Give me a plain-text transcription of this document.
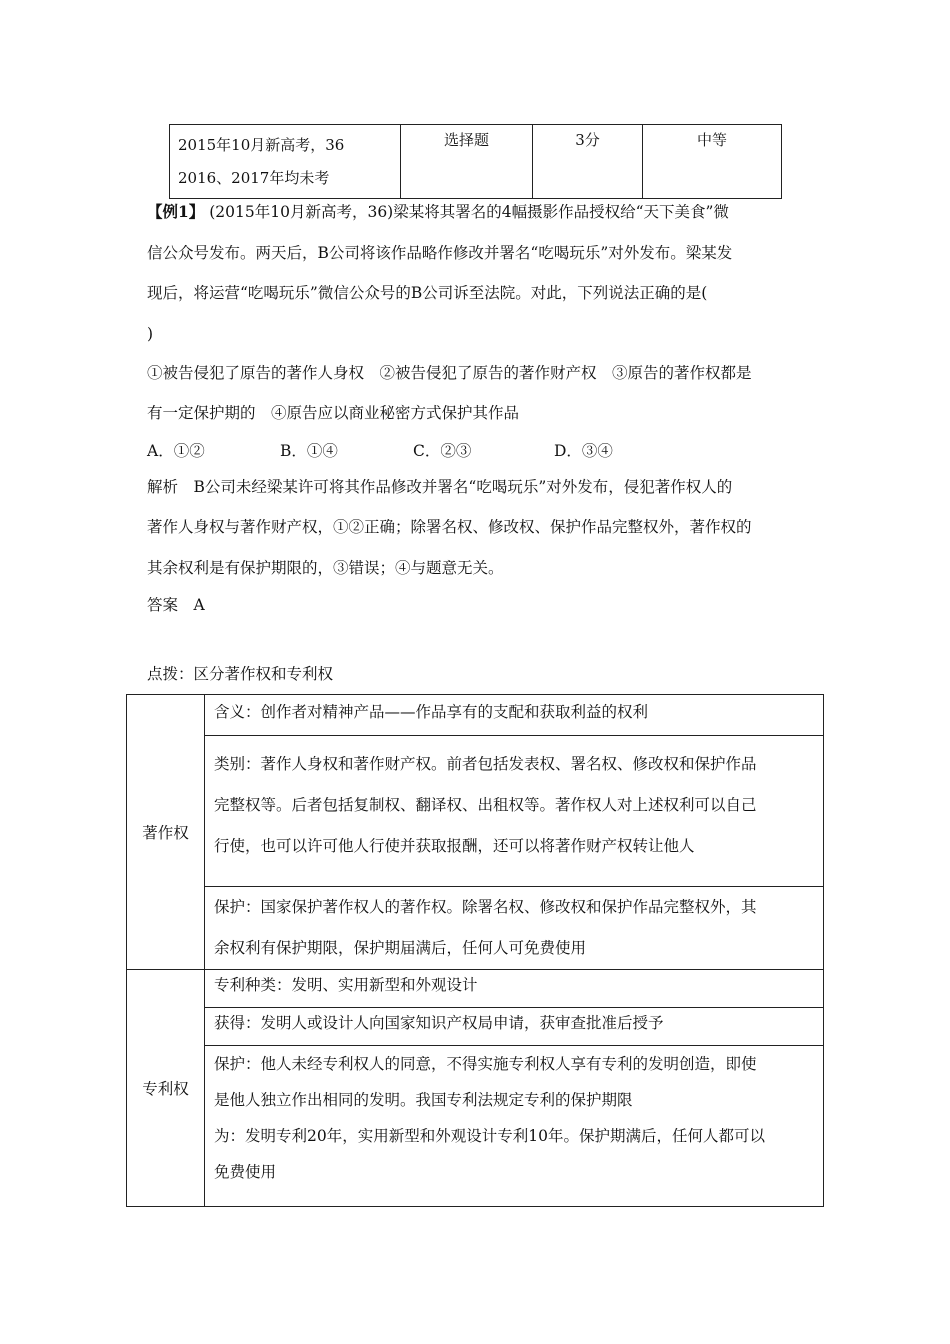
2015年10月新高考，36
2016、2017年均未考
	选择题	3分	中等
【例1】 (2015年10月新高考，36)梁某将其署名的4幅摄影作品授权给“天下美食”微
信公众号发布。两天后，B公司将该作品略作修改并署名“吃喝玩乐”对外发布。梁某发
现后，将运营“吃喝玩乐”微信公众号的B公司诉至法院。对此，下列说法正确的是(
)
①被告侵犯了原告的著作人身权　②被告侵犯了原告的著作财产权　③原告的著作权都是
有一定保护期的　④原告应以商业秘密方式保护其作品
A．①②	B．①④	C．②③	D．③④
解析　B公司未经梁某许可将其作品修改并署名“吃喝玩乐”对外发布，侵犯著作权人的
著作人身权与著作财产权，①②正确；除署名权、修改权、保护作品完整权外，著作权的
其余权利是有保护期限的，③错误；④与题意无关。
答案　A
点拨：区分著作权和专利权
著作权	含义：创作者对精神产品——作品享有的支配和获取利益的权利

	类别：著作人身权和著作财产权。前者包括发表权、署名权、修改权和保护作品
完整权等。后者包括复制权、翻译权、出租权等。著作权人对上述权利可以自己
行使，也可以许可他人行使并获取报酬，还可以将著作财产权转让他人

	保护：国家保护著作权人的著作权。除署名权、修改权和保护作品完整权外，其
余权利有保护期限，保护期届满后，任何人可免费使用

专利权	专利种类：发明、实用新型和外观设计

	获得：发明人或设计人向国家知识产权局申请，获审查批准后授予

	保护：他人未经专利权人的同意，不得实施专利权人享有专利的发明创造，即使
是他人独立作出相同的发明。我国专利法规定专利的保护期限
为：发明专利20年，实用新型和外观设计专利10年。保护期满后，任何人都可以
免费使用
